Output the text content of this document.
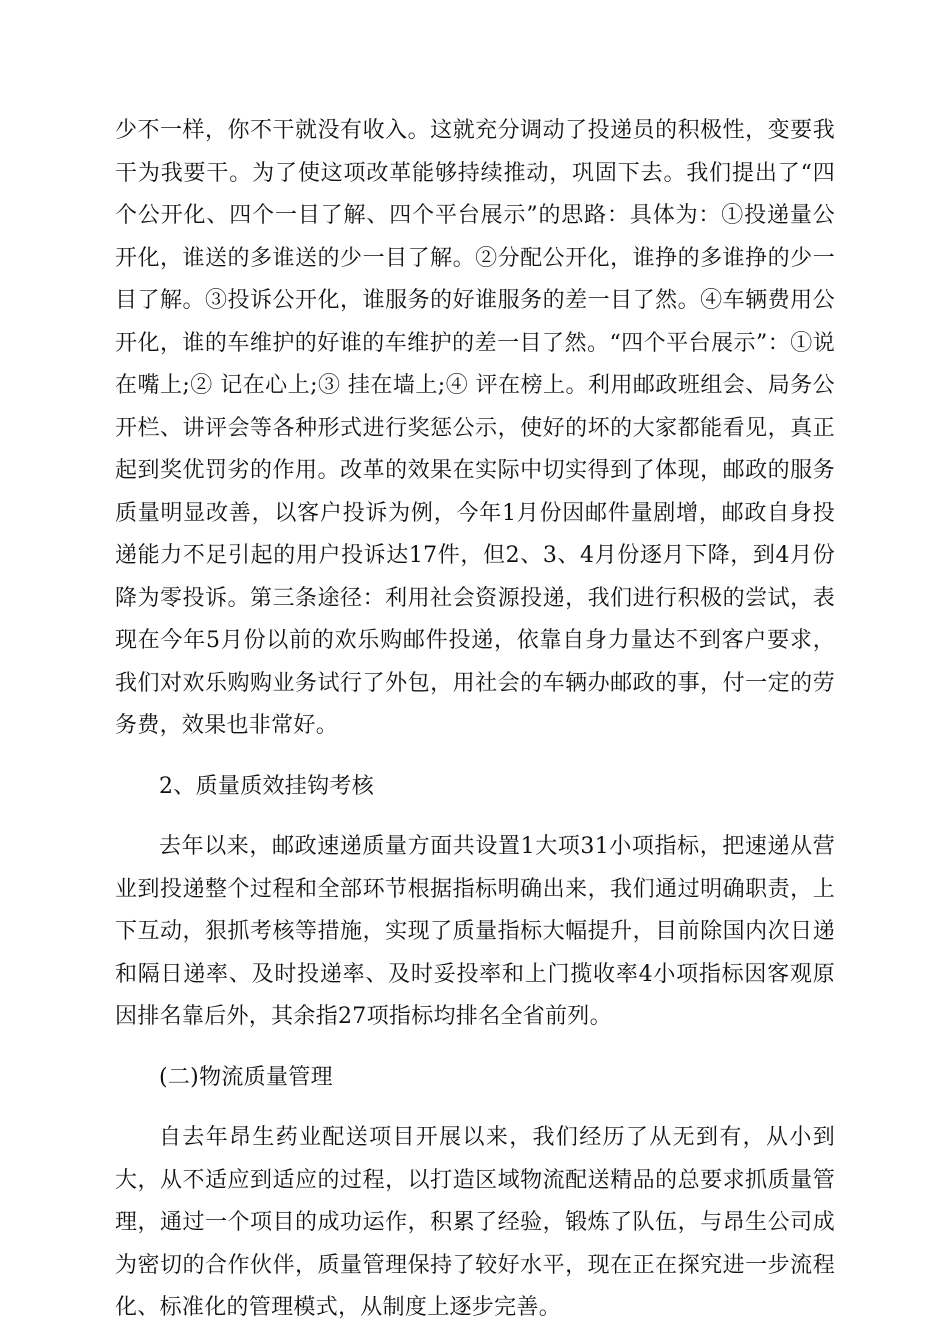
少不一样，你不干就没有收入。这就充分调动了投递员的积极性，变要我干为我要干。为了使这项改革能够持续推动，巩固下去。我们提出了“四个公开化、四个一目了解、四个平台展示”的思路：具体为：①投递量公开化，谁送的多谁送的少一目了解。②分配公开化，谁挣的多谁挣的少一目了解。③投诉公开化，谁服务的好谁服务的差一目了然。④车辆费用公开化，谁的车维护的好谁的车维护的差一目了然。“四个平台展示”：①说在嘴上;② 记在心上;③ 挂在墙上;④ 评在榜上。利用邮政班组会、局务公开栏、讲评会等各种形式进行奖惩公示，使好的坏的大家都能看见，真正起到奖优罚劣的作用。改革的效果在实际中切实得到了体现，邮政的服务质量明显改善，以客户投诉为例，今年1月份因邮件量剧增，邮政自身投递能力不足引起的用户投诉达17件，但2、3、4月份逐月下降，到4月份降为零投诉。第三条途径：利用社会资源投递，我们进行积极的尝试，表现在今年5月份以前的欢乐购邮件投递，依靠自身力量达不到客户要求，我们对欢乐购购业务试行了外包，用社会的车辆办邮政的事，付一定的劳务费，效果也非常好。

2、质量质效挂钩考核

去年以来，邮政速递质量方面共设置1大项31小项指标，把速递从营业到投递整个过程和全部环节根据指标明确出来，我们通过明确职责，上下互动，狠抓考核等措施，实现了质量指标大幅提升，目前除国内次日递和隔日递率、及时投递率、及时妥投率和上门揽收率4小项指标因客观原因排名靠后外，其余指27项指标均排名全省前列。

(二)物流质量管理

自去年昂生药业配送项目开展以来，我们经历了从无到有，从小到大，从不适应到适应的过程，以打造区域物流配送精品的总要求抓质量管理，通过一个项目的成功运作，积累了经验，锻炼了队伍，与昂生公司成为密切的合作伙伴，质量管理保持了较好水平，现在正在探究进一步流程化、标准化的管理模式，从制度上逐步完善。
